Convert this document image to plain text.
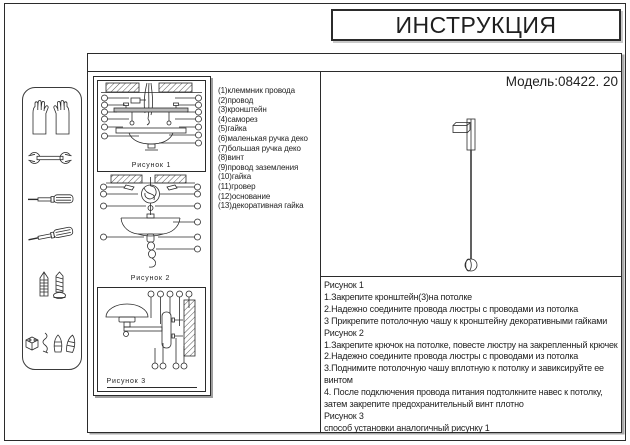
ИНСТРУКЦИЯ
Модель:08422. 20
Рисунок 1
Рисунок 2
Рисунок 3
(1)клеммник провода
(2)провод
(3)кронштейн
(4)саморез
(5)гайка
(6)маленькая ручка деко
(7)большая ручка деко
(8)винт
(9)провод заземления
(10)гайка
(11)гровер
(12)основание
(13)декоративная гайка
Рисунок 1
1.Закрепите кронштейн(3)на потолке
2.Надежно соедините провода люстры с проводами из потолка
3 Прикрепите потолочную чашу к кронштейну декоративными гайками
Рисунок 2
1.Закрепите крючок на потолке, повесте люстру на закрепленный крючек
2.Надежно соедините провода люстры с проводами из потолка
3.Поднимите потолочную чашу вплотную к потолку и завиксируйте ее винтом
4. После подключения провода питания подтолкните навес к потолку, затем закрепите предохранительный винт плотно
Рисунок 3
способ установки аналогичный рисунку 1
